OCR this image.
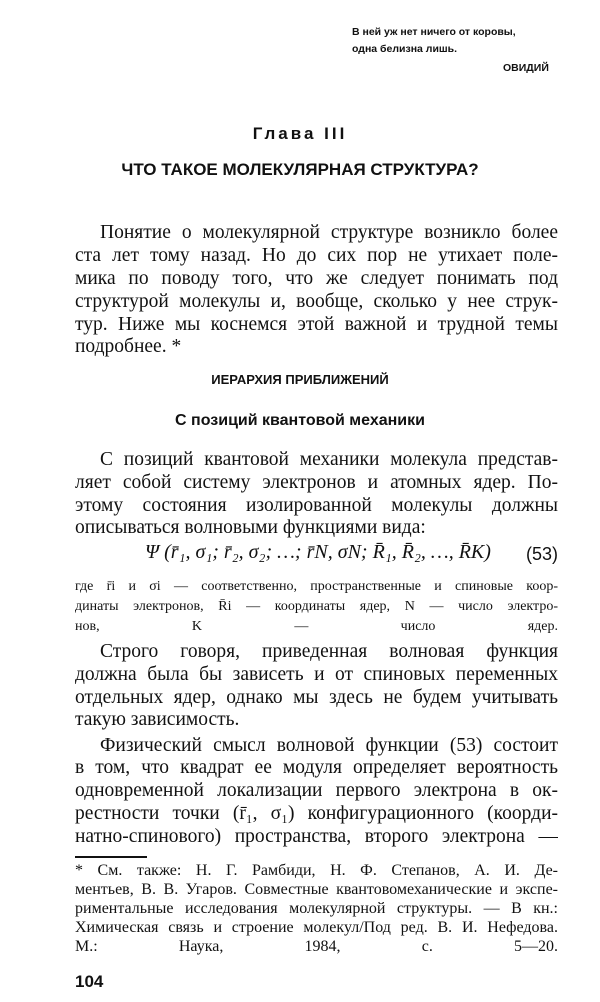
В ней уж нет ничего от коровы,
одна белизна лишь.
ОВИДИЙ
Глава III
ЧТО ТАКОЕ МОЛЕКУЛЯРНАЯ СТРУКТУРА?
Понятие о молекулярной структуре возникло более
ста лет тому назад. Но до сих пор не утихает поле-
мика по поводу того, что же следует понимать под
структурой молекулы и, вообще, сколько у нее струк-
тур. Ниже мы коснемся этой важной и трудной темы
подробнее. *
ИЕРАРХИЯ ПРИБЛИЖЕНИЙ
С позиций квантовой механики
С позиций квантовой механики молекула представ-
ляет собой систему электронов и атомных ядер. По-
этому состояния изолированной молекулы должны
описываться волновыми функциями вида:
Ψ (r̄₁, σ₁; r̄₂, σ₂; …; r̄N, σN; R̄₁, R̄₂, …, R̄K) (53)
где r̄i и σi — соответственно, пространственные и спиновые коор-
динаты электронов, R̄i — координаты ядер, N — число электро-
нов, K — число ядер.
Строго говоря, приведенная волновая функция
должна была бы зависеть и от спиновых переменных
отдельных ядер, однако мы здесь не будем учитывать
такую зависимость.
Физический смысл волновой функции (53) состоит
в том, что квадрат ее модуля определяет вероятность
одновременной локализации первого электрона в ок-
рестности точки (r̄₁, σ₁) конфигурационного (коорди-
натно-спинового) пространства, второго электрона —
* См. также: Н. Г. Рамбиди, Н. Ф. Степанов, А. И. Де-
ментьев, В. В. Угаров. Совместные квантовомеханические и экспе-
риментальные исследования молекулярной структуры. — В кн.:
Химическая связь и строение молекул/Под ред. В. И. Нефедова.
М.: Наука, 1984, с. 5—20.
104
